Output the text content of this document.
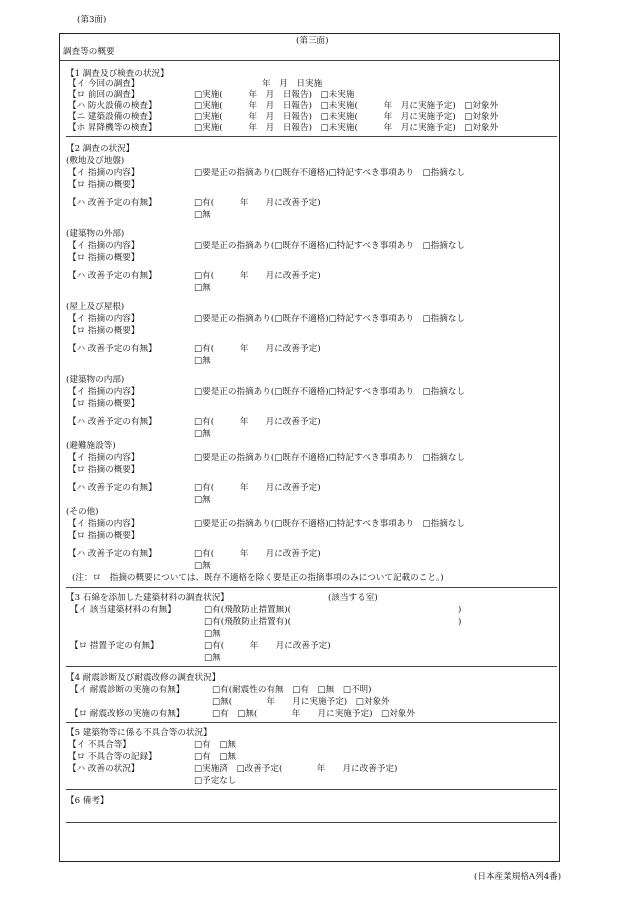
(第3面)
(第三面)
調査等の概要
【1 調査及び検査の状況】
【イ 今回の調査】	年　月　日実施
【ロ 前回の調査】	□実施(　　　年　月　日報告)　□未実施
【ハ 防火設備の検査】	□実施(　　　年　月　日報告)　□未実施(　　　年　月に実施予定)　□対象外
【ニ 建築設備の検査】	□実施(　　　年　月　日報告)　□未実施(　　　年　月に実施予定)　□対象外
【ホ 昇降機等の検査】	□実施(　　　年　月　日報告)　□未実施(　　　年　月に実施予定)　□対象外
【2 調査の状況】
(敷地及び地盤)
【イ 指摘の内容】	□要是正の指摘あり(□既存不適格)□特記すべき事項あり　□指摘なし
【ロ 指摘の概要】
【ハ 改善予定の有無】	□有(　　　年　　月に改善予定)
□無
(建築物の外部)
【イ 指摘の内容】	□要是正の指摘あり(□既存不適格)□特記すべき事項あり　□指摘なし
【ロ 指摘の概要】
【ハ 改善予定の有無】	□有(　　　年　　月に改善予定)
□無
(屋上及び屋根)
【イ 指摘の内容】	□要是正の指摘あり(□既存不適格)□特記すべき事項あり　□指摘なし
【ロ 指摘の概要】
【ハ 改善予定の有無】	□有(　　　年　　月に改善予定)
□無
(建築物の内部)
【イ 指摘の内容】	□要是正の指摘あり(□既存不適格)□特記すべき事項あり　□指摘なし
【ロ 指摘の概要】
【ハ 改善予定の有無】	□有(　　　年　　月に改善予定)
□無
(避難施設等)
【イ 指摘の内容】	□要是正の指摘あり(□既存不適格)□特記すべき事項あり　□指摘なし
【ロ 指摘の概要】
【ハ 改善予定の有無】	□有(　　　年　　月に改善予定)
□無
(その他)
【イ 指摘の内容】	□要是正の指摘あり(□既存不適格)□特記すべき事項あり　□指摘なし
【ロ 指摘の概要】
【ハ 改善予定の有無】	□有(　　　年　　月に改善予定)
□無
(注：ロ　指摘の概要については、既存不適格を除く要是正の指摘事項のみについて記載のこと。)
【3 石綿を添加した建築材料の調査状況】	(該当する室)
【イ 該当建築材料の有無】	□有(飛散防止措置無)(	)
□有(飛散防止措置有)(	)
□無
【ロ 措置予定の有無】	□有(　　　年　　月に改善予定)
□無
【4 耐震診断及び耐震改修の調査状況】
【イ 耐震診断の実施の有無】	□有(耐震性の有無　□有　□無　□不明)
□無(　　　　年　　月に実施予定)　□対象外
【ロ 耐震改修の実施の有無】	□有　□無(　　　　年　　月に実施予定)　□対象外
【5 建築物等に係る不具合等の状況】
【イ 不具合等】	□有　□無
【ロ 不具合等の記録】	□有　□無
【ハ 改善の状況】	□実施済　□改善予定(　　　　年　　月に改善予定)
□予定なし
【6 備考】
(日本産業規格A列4番)
